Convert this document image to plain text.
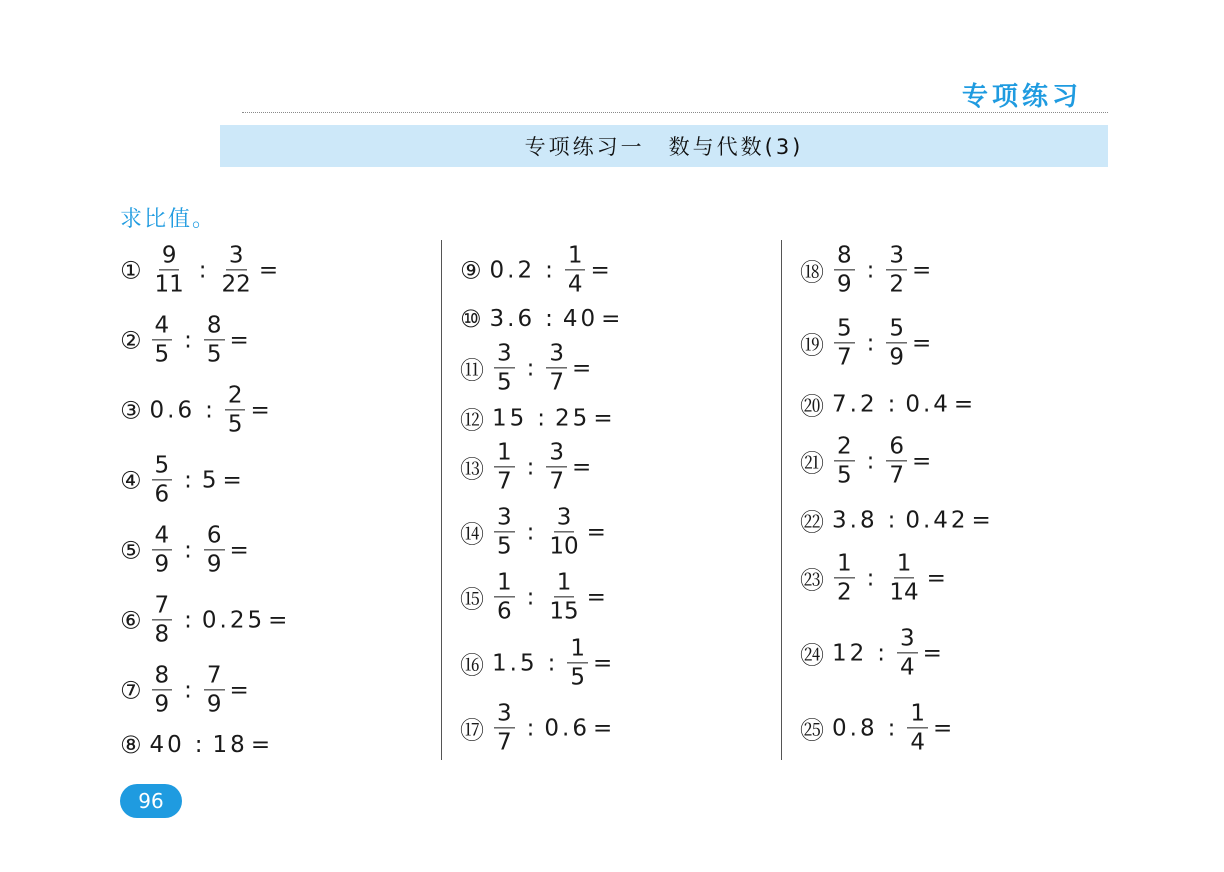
专项练习
专项练习一 数与代数(3)
求比值。
① $\frac{9}{11}$ : $\frac{3}{22}$ =
② $\frac{4}{5}$ : $\frac{8}{5}$ =
③ 0.6 : $\frac{2}{5}$ =
④ $\frac{5}{6}$ : 5 =
⑤ $\frac{4}{9}$ : $\frac{6}{9}$ =
⑥ $\frac{7}{8}$ : 0.25 =
⑦ $\frac{8}{9}$ : $\frac{7}{9}$ =
⑧ 40 : 18 =
⑨ 0.2 : $\frac{1}{4}$ =
⑩ 3.6 : 40 =
⑪ $\frac{3}{5}$ : $\frac{3}{7}$ =
⑫ 15 : 25 =
⑬ $\frac{1}{7}$ : $\frac{3}{7}$ =
⑭ $\frac{3}{5}$ : $\frac{3}{10}$ =
⑮ $\frac{1}{6}$ : $\frac{1}{15}$ =
⑯ 1.5 : $\frac{1}{5}$ =
⑰ $\frac{3}{7}$ : 0.6 =
⑱ $\frac{8}{9}$ : $\frac{3}{2}$ =
⑲ $\frac{5}{7}$ : $\frac{5}{9}$ =
⑳ 7.2 : 0.4 =
㉑ $\frac{2}{5}$ : $\frac{6}{7}$ =
㉒ 3.8 : 0.42 =
㉓ $\frac{1}{2}$ : $\frac{1}{14}$ =
㉔ 12 : $\frac{3}{4}$ =
㉕ 0.8 : $\frac{1}{4}$ =
96
